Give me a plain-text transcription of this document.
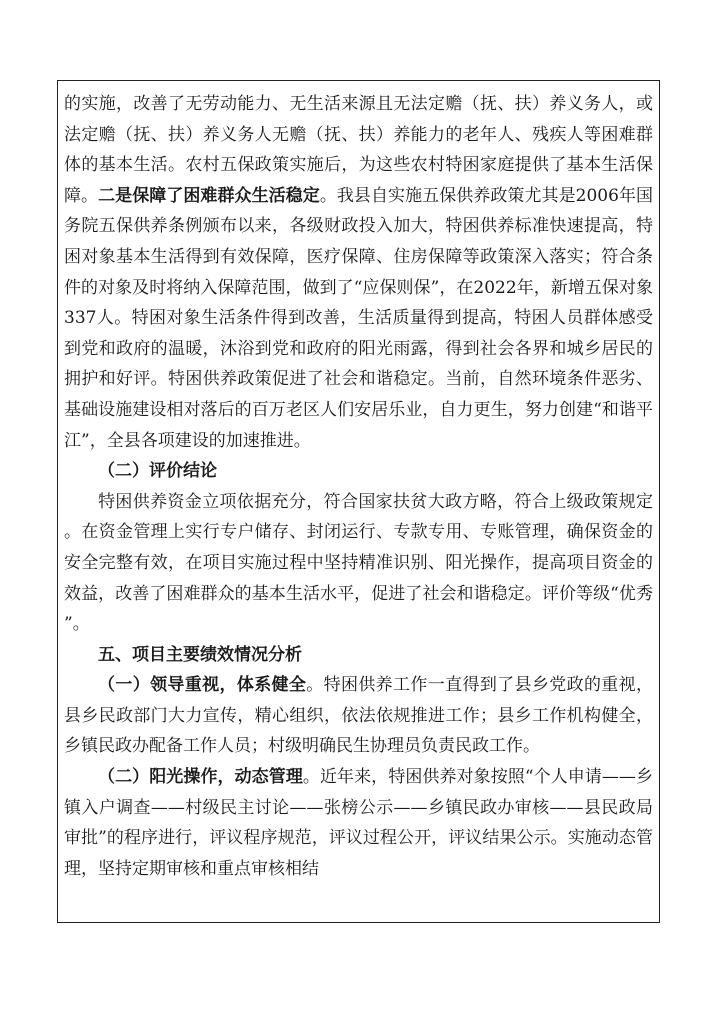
的实施，改善了无劳动能力、无生活来源且无法定赡（抚、扶）养义务人，或法定赡（抚、扶）养义务人无赡（抚、扶）养能力的老年人、残疾人等困难群体的基本生活。农村五保政策实施后，为这些农村特困家庭提供了基本生活保障。二是保障了困难群众生活稳定。我县自实施五保供养政策尤其是2006年国务院五保供养条例颁布以来，各级财政投入加大，特困供养标准快速提高，特困对象基本生活得到有效保障，医疗保障、住房保障等政策深入落实；符合条件的对象及时将纳入保障范围，做到了“应保则保”，在2022年，新增五保对象337人。特困对象生活条件得到改善，生活质量得到提高，特困人员群体感受到党和政府的温暖，沐浴到党和政府的阳光雨露，得到社会各界和城乡居民的拥护和好评。特困供养政策促进了社会和谐稳定。当前，自然环境条件恶劣、基础设施建设相对落后的百万老区人们安居乐业，自力更生，努力创建“和谐平江”，全县各项建设的加速推进。

（二）评价结论

特困供养资金立项依据充分，符合国家扶贫大政方略，符合上级政策规定。在资金管理上实行专户储存、封闭运行、专款专用、专账管理，确保资金的安全完整有效，在项目实施过程中坚持精准识别、阳光操作，提高项目资金的效益，改善了困难群众的基本生活水平，促进了社会和谐稳定。评价等级“优秀”。

五、项目主要绩效情况分析

（一）领导重视，体系健全。特困供养工作一直得到了县乡党政的重视，县乡民政部门大力宣传，精心组织，依法依规推进工作；县乡工作机构健全，乡镇民政办配备工作人员；村级明确民生协理员负责民政工作。

（二）阳光操作，动态管理。近年来，特困供养对象按照“个人申请——乡镇入户调查——村级民主讨论——张榜公示——乡镇民政办审核——县民政局审批”的程序进行，评议程序规范，评议过程公开，评议结果公示。实施动态管理，坚持定期审核和重点审核相结
